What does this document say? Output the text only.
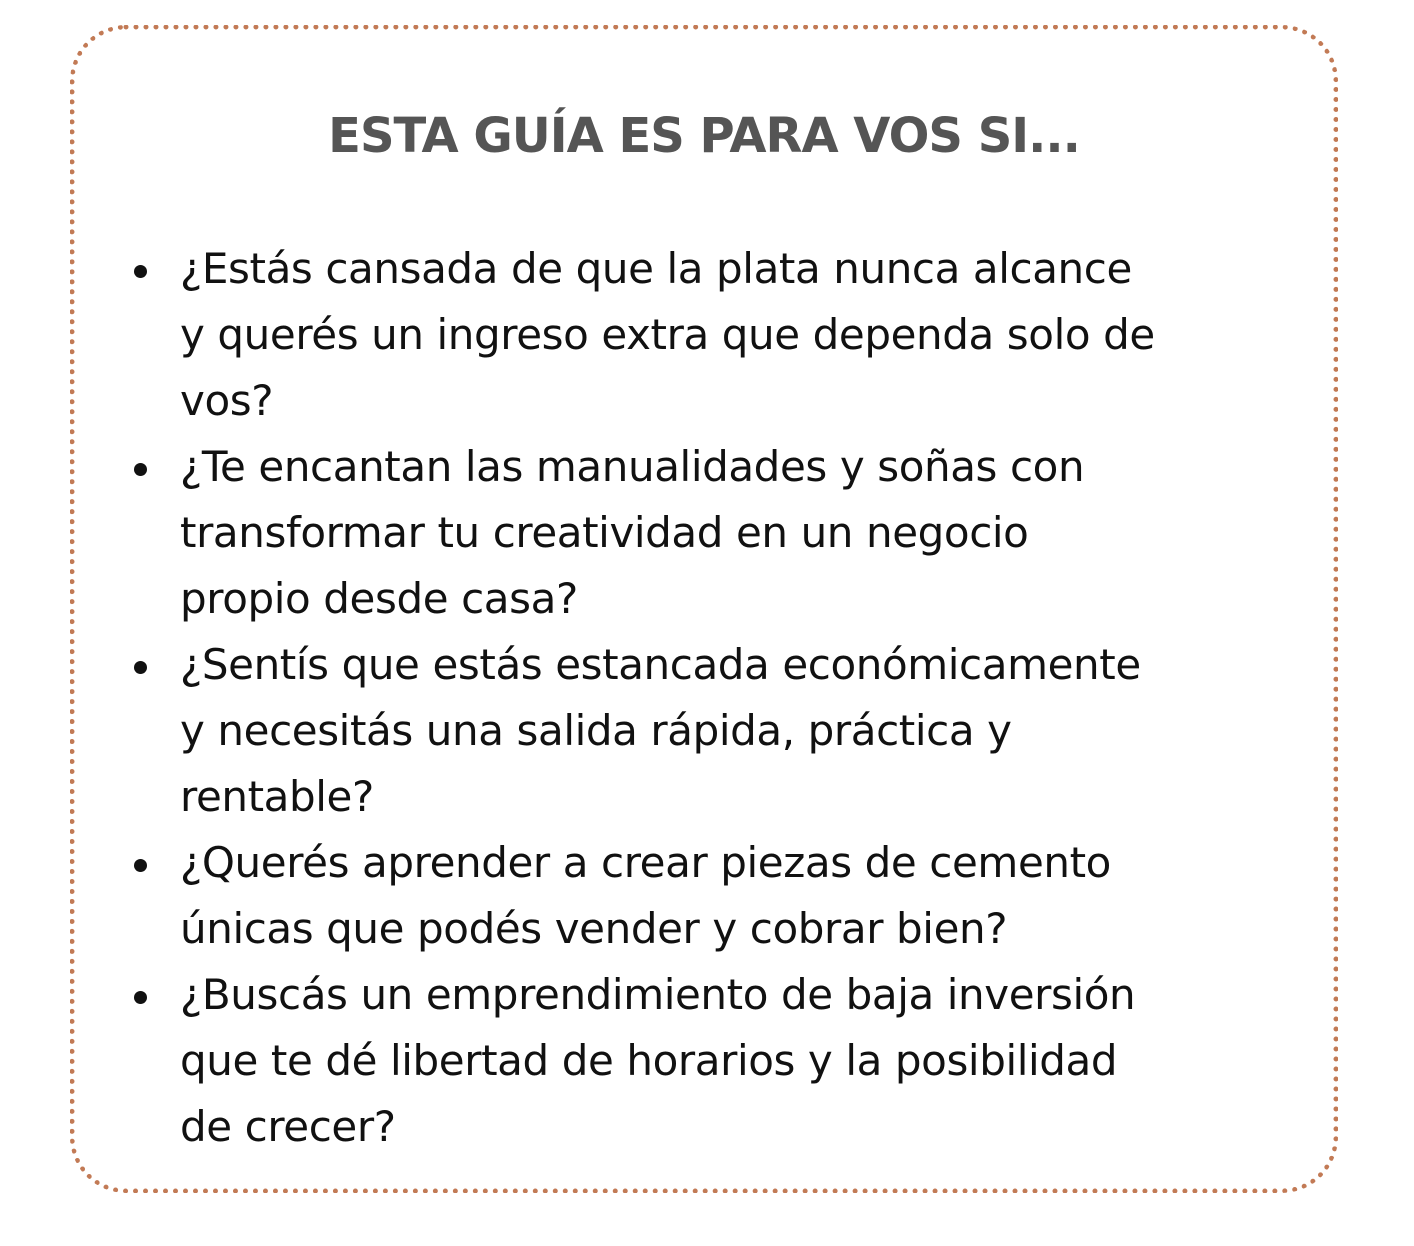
ESTA GUÍA ES PARA VOS SI...
¿Estás cansada de que la plata nunca alcance
y querés un ingreso extra que dependa solo de
vos?
¿Te encantan las manualidades y soñas con
transformar tu creatividad en un negocio
propio desde casa?
¿Sentís que estás estancada económicamente
y necesitás una salida rápida, práctica y
rentable?
¿Querés aprender a crear piezas de cemento
únicas que podés vender y cobrar bien?
¿Buscás un emprendimiento de baja inversión
que te dé libertad de horarios y la posibilidad
de crecer?
